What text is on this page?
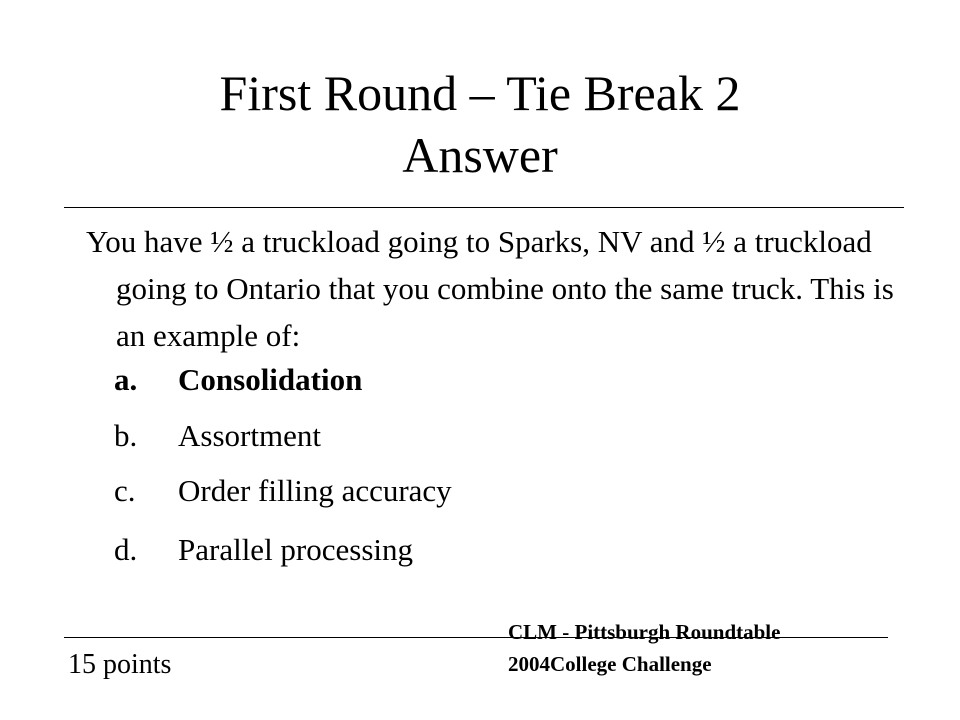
First Round – Tie Break 2
Answer

You have ½ a truckload going to Sparks, NV and ½ a truckload going to Ontario that you combine onto the same truck. This is an example of:

a. Consolidation
b. Assortment
c. Order filling accuracy
d. Parallel processing
15 points
CLM - Pittsburgh Roundtable
2004College Challenge
